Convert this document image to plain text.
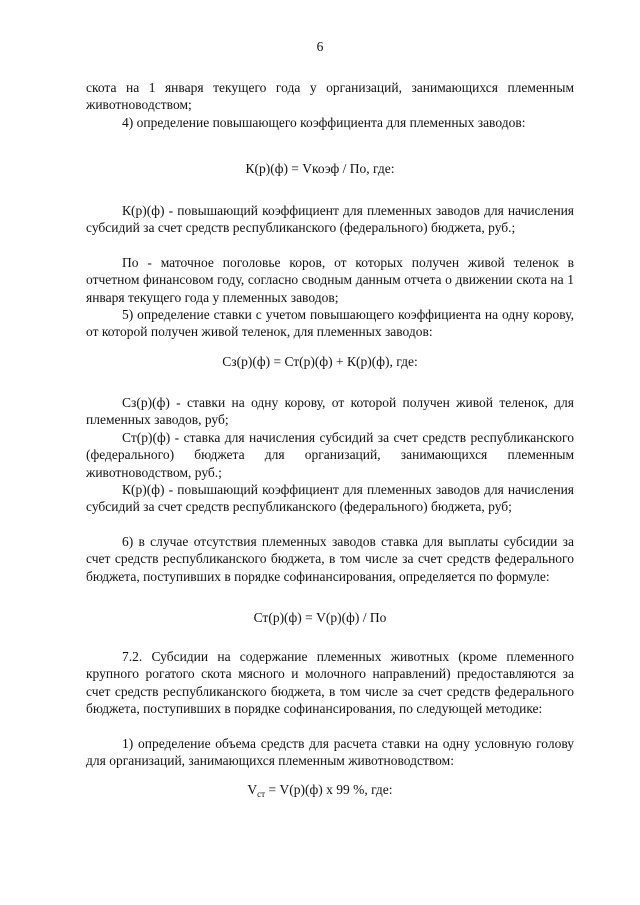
6

скота на 1 января текущего года у организаций, занимающихся племенным животноводством;

4) определение повышающего коэффициента для племенных заводов:

К(р)(ф) = Vкоэф / По, где:

К(р)(ф) - повышающий коэффициент для племенных заводов для начисления субсидий за счет средств республиканского (федерального) бюджета, руб.;

По - маточное поголовье коров, от которых получен живой теленок в отчетном финансовом году, согласно сводным данным отчета о движении скота на 1 января текущего года у племенных заводов;

5) определение ставки с учетом повышающего коэффициента на одну корову, от которой получен живой теленок, для племенных заводов:

Сз(р)(ф) = Ст(р)(ф) + К(р)(ф), где:

Сз(р)(ф) - ставки на одну корову, от которой получен живой теленок, для племенных заводов, руб;

Ст(р)(ф) - ставка для начисления субсидий за счет средств республиканского (федерального) бюджета для организаций, занимающихся племенным животноводством, руб.;

К(р)(ф) - повышающий коэффициент для племенных заводов для начисления субсидий за счет средств республиканского (федерального) бюджета, руб;

6) в случае отсутствия племенных заводов ставка для выплаты субсидии за счет средств республиканского бюджета, в том числе за счет средств федерального бюджета, поступивших в порядке софинансирования, определяется по формуле:

Ст(р)(ф) = V(р)(ф) / По

7.2. Субсидии на содержание племенных животных (кроме племенного крупного рогатого скота мясного и молочного направлений) предоставляются за счет средств республиканского бюджета, в том числе за счет средств федерального бюджета, поступивших в порядке софинансирования, по следующей методике:

1) определение объема средств для расчета ставки на одну условную голову для организаций, занимающихся племенным животноводством:

$V_{ст} = V(р)(ф)$ х 99 %, где:
